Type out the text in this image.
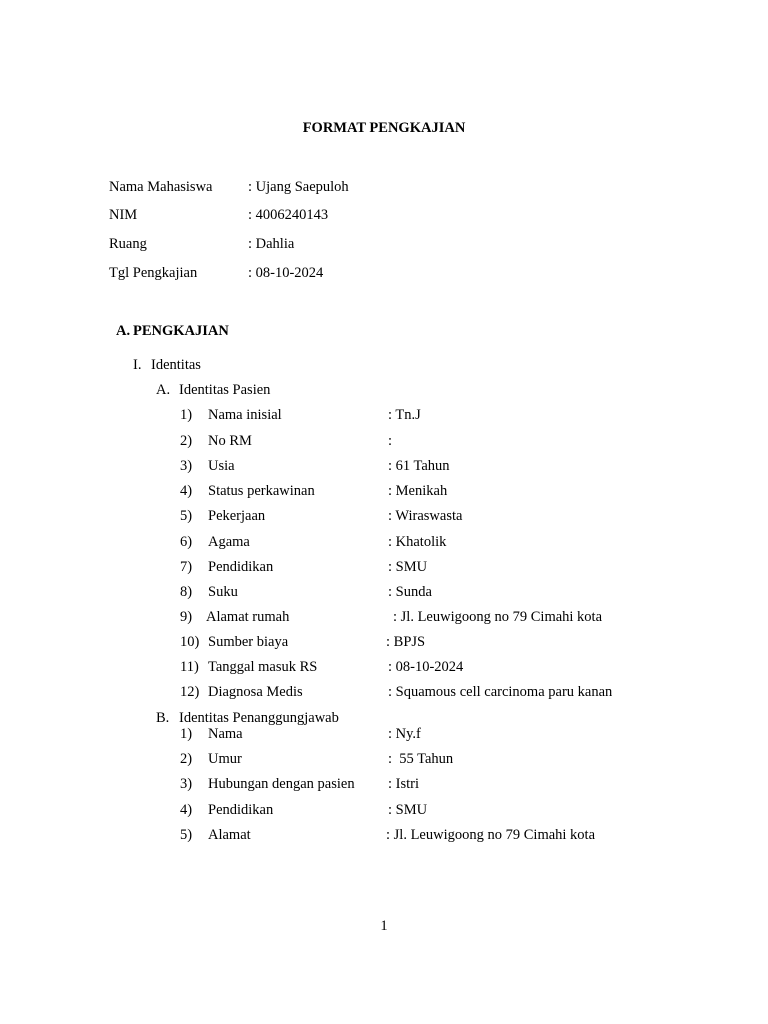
FORMAT PENGKAJIAN
Nama Mahasiswa : Ujang Saepuloh
NIM	: 4006240143
Ruang	: Dahlia
Tgl Pengkajian	: 08-10-2024
A. PENGKAJIAN
I. Identitas
A. Identitas Pasien
1) Nama inisial	: Tn.J
2) No RM	:
3) Usia	: 61 Tahun
4) Status perkawinan	: Menikah
5) Pekerjaan	: Wiraswasta
6) Agama	: Khatolik
7) Pendidikan	: SMU
8) Suku	: Sunda
9) Alamat rumah	: Jl. Leuwigoong no 79 Cimahi kota
10) Sumber biaya	: BPJS
11) Tanggal masuk RS	: 08-10-2024
12) Diagnosa Medis	: Squamous cell carcinoma paru kanan
B. Identitas Penanggungjawab
1) Nama	: Ny.f
2) Umur	:  55 Tahun
3) Hubungan dengan pasien : Istri
4) Pendidikan	: SMU
5) Alamat	: Jl. Leuwigoong no 79 Cimahi kota
1
